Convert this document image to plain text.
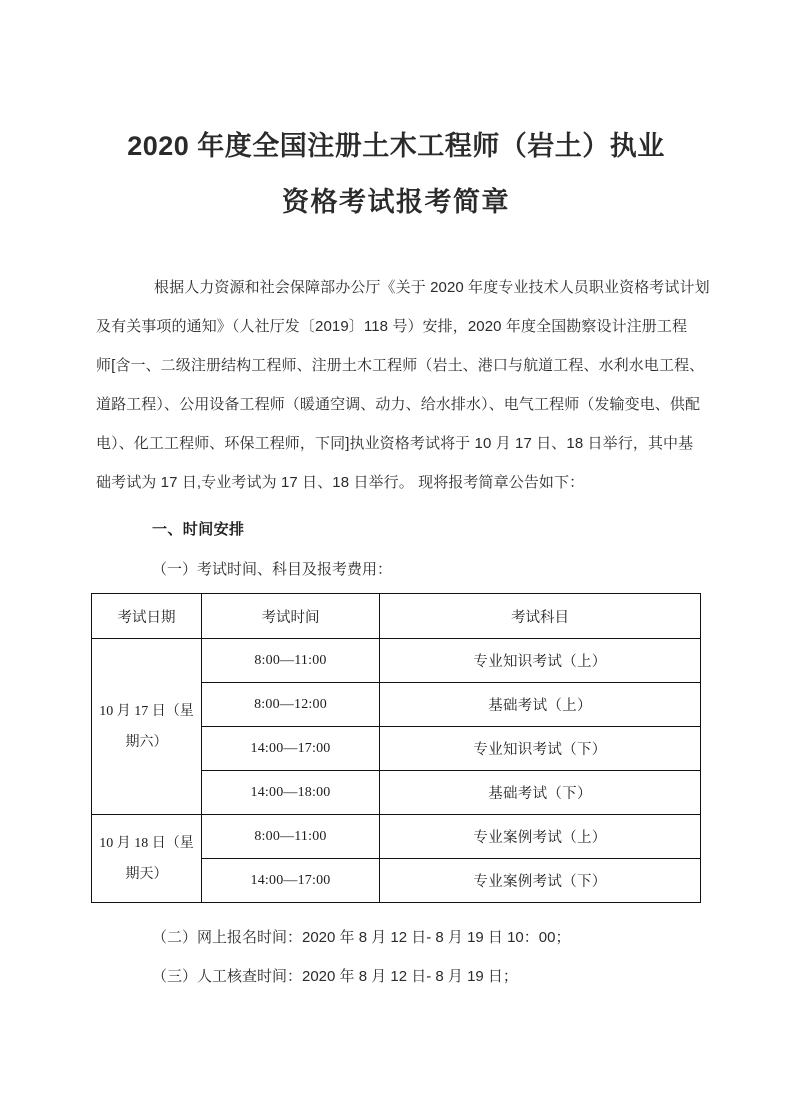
2020 年度全国注册土木工程师（岩土）执业
资格考试报考简章
根据人力资源和社会保障部办公厅《关于 2020 年度专业技术人员职业资格考试计划
及有关事项的通知》（人社厅发〔2019〕118 号）安排，2020 年度全国勘察设计注册工程
师[含一、二级注册结构工程师、注册土木工程师（岩土、港口与航道工程、水利水电工程、
道路工程）、公用设备工程师（暖通空调、动力、给水排水）、电气工程师（发输变电、供配
电）、化工工程师、环保工程师，下同]执业资格考试将于 10 月 17 日、18 日举行，其中基
础考试为 17 日,专业考试为 17 日、18 日举行。 现将报考简章公告如下：
一、时间安排
（一）考试时间、科目及报考费用：
考试日期	考试时间	考试科目

10 月 17 日（星
期六）	8:00—11:00	专业知识考试（上）
	8:00—12:00	基础考试（上）
	14:00—17:00	专业知识考试（下）
	14:00—18:00	基础考试（下）

10 月 18 日（星
期天）	8:00—11:00	专业案例考试（上）
	14:00—17:00	专业案例考试（下）
（二）网上报名时间：2020 年 8 月 12 日- 8 月 19 日 10：00；
（三）人工核查时间：2020 年 8 月 12 日- 8 月 19 日；
